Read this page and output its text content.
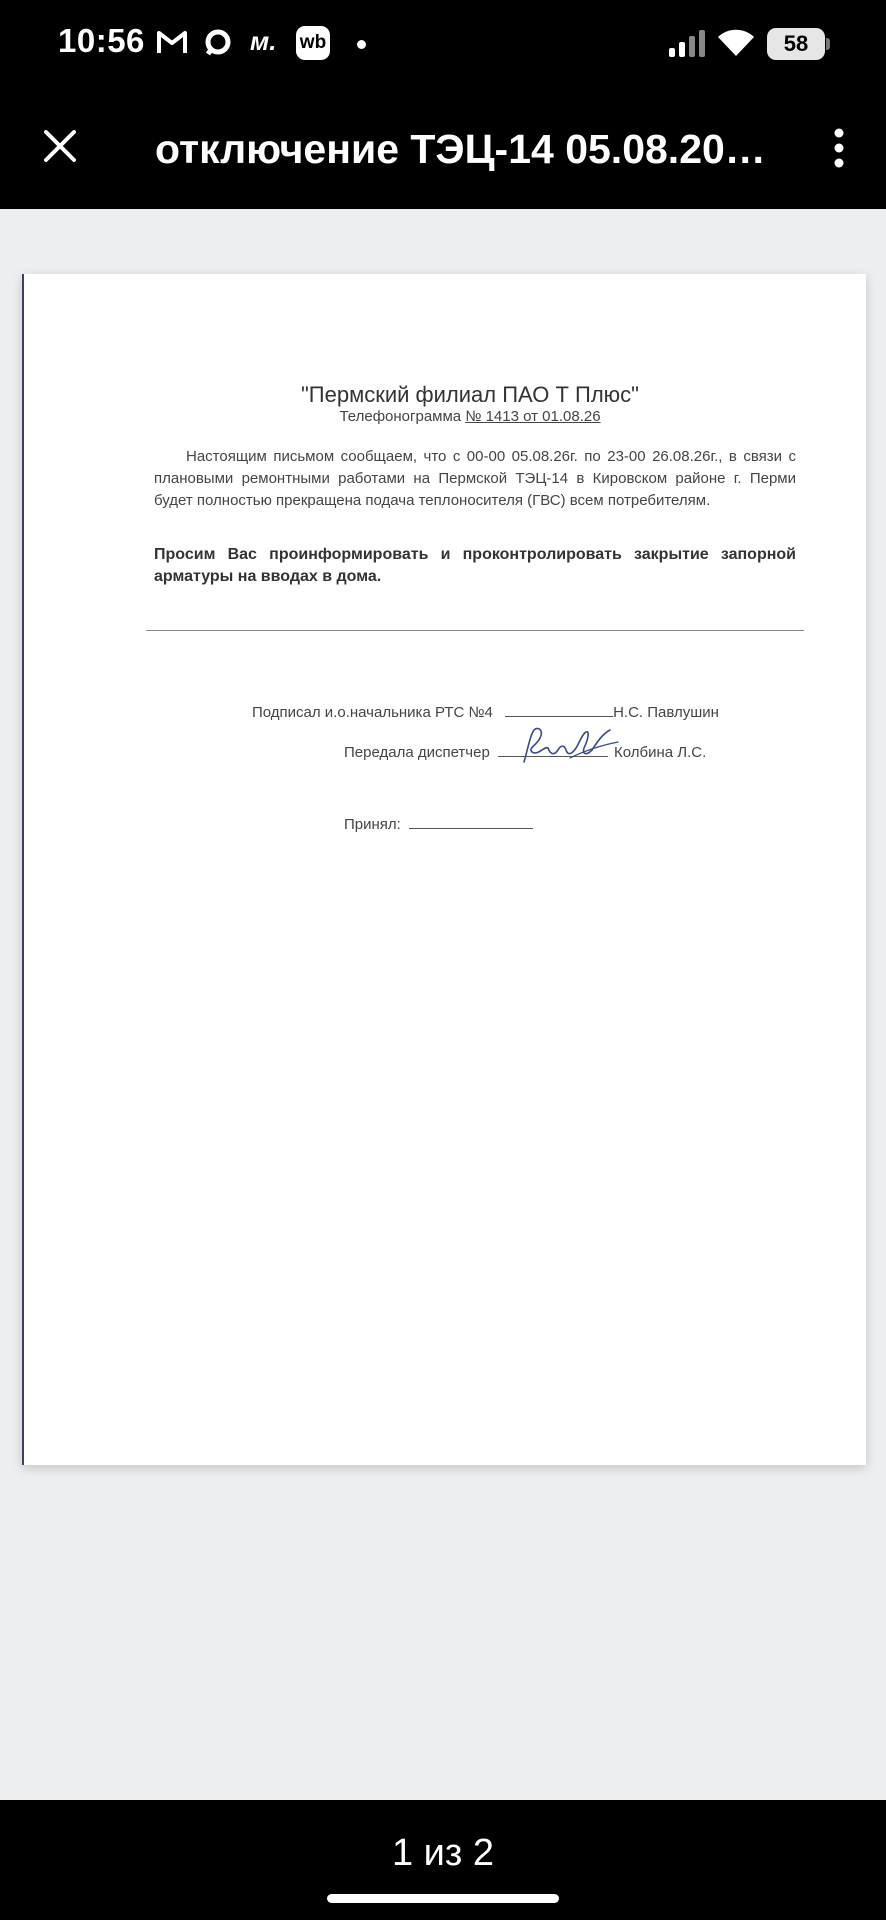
10:56	м. wb	58
отключение ТЭЦ-14 05.08.20…
"Пермский филиал ПАО Т Плюс"
Телефонограмма № 1413 от 01.08.26
Настоящим письмом сообщаем, что с 00-00 05.08.26г. по 23-00 26.08.26г., в связи с плановыми ремонтными работами на Пермской ТЭЦ-14 в Кировском районе г. Перми будет полностью прекращена подача теплоносителя (ГВС) всем потребителям.
Просим Вас проинформировать и проконтролировать закрытие запорной арматуры на вводах в дома.
Подписал и.о.начальника РТС №4	Н.С. Павлушин
Передала диспетчер	Колбина Л.С.
Принял:
1 из 2
